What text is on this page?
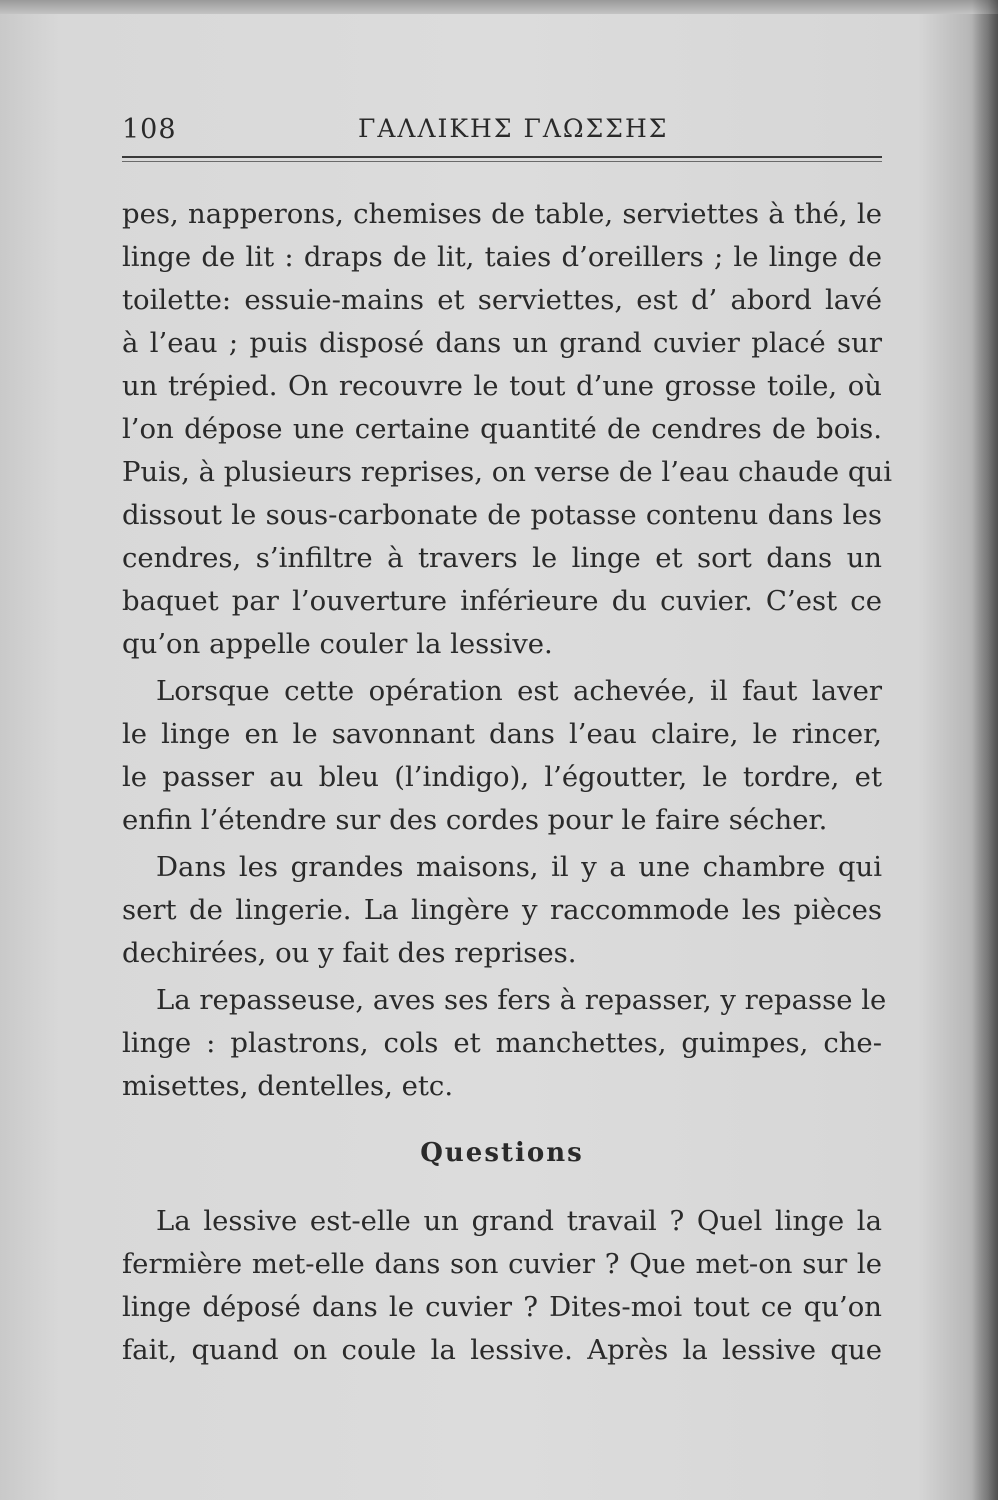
108	ΓΑΛΛΙΚΗΣ ΓΛΩΣΣΗΣ
pes, napperons, chemises de table, serviettes à thé, le
linge de lit : draps de lit, taies d’oreillers ; le linge de
toilette: essuie-mains et serviettes, est d’ abord lavé
à l’eau ; puis disposé dans un grand cuvier placé sur
un trépied. On recouvre le tout d’une grosse toile, où
l’on dépose une certaine quantité de cendres de bois.
Puis, à plusieurs reprises, on verse de l’eau chaude qui
dissout le sous-carbonate de potasse contenu dans les
cendres, s’infiltre à travers le linge et sort dans un
baquet par l’ouverture inférieure du cuvier. C’est ce
qu’on appelle couler la lessive.
Lorsque cette opération est achevée, il faut laver
le linge en le savonnant dans l’eau claire, le rincer,
le passer au bleu (l’indigo), l’égoutter, le tordre, et
enfin l’étendre sur des cordes pour le faire sécher.
Dans les grandes maisons, il y a une chambre qui
sert de lingerie. La lingère y raccommode les pièces
dechirées, ou y fait des reprises.
La repasseuse, aves ses fers à repasser, y repasse le
linge : plastrons, cols et manchettes, guimpes, che-
misettes, dentelles, etc.
Questions
La lessive est-elle un grand travail ? Quel linge la
fermière met-elle dans son cuvier ? Que met-on sur le
linge déposé dans le cuvier ? Dites-moi tout ce qu’on
fait, quand on coule la lessive. Après la lessive que
